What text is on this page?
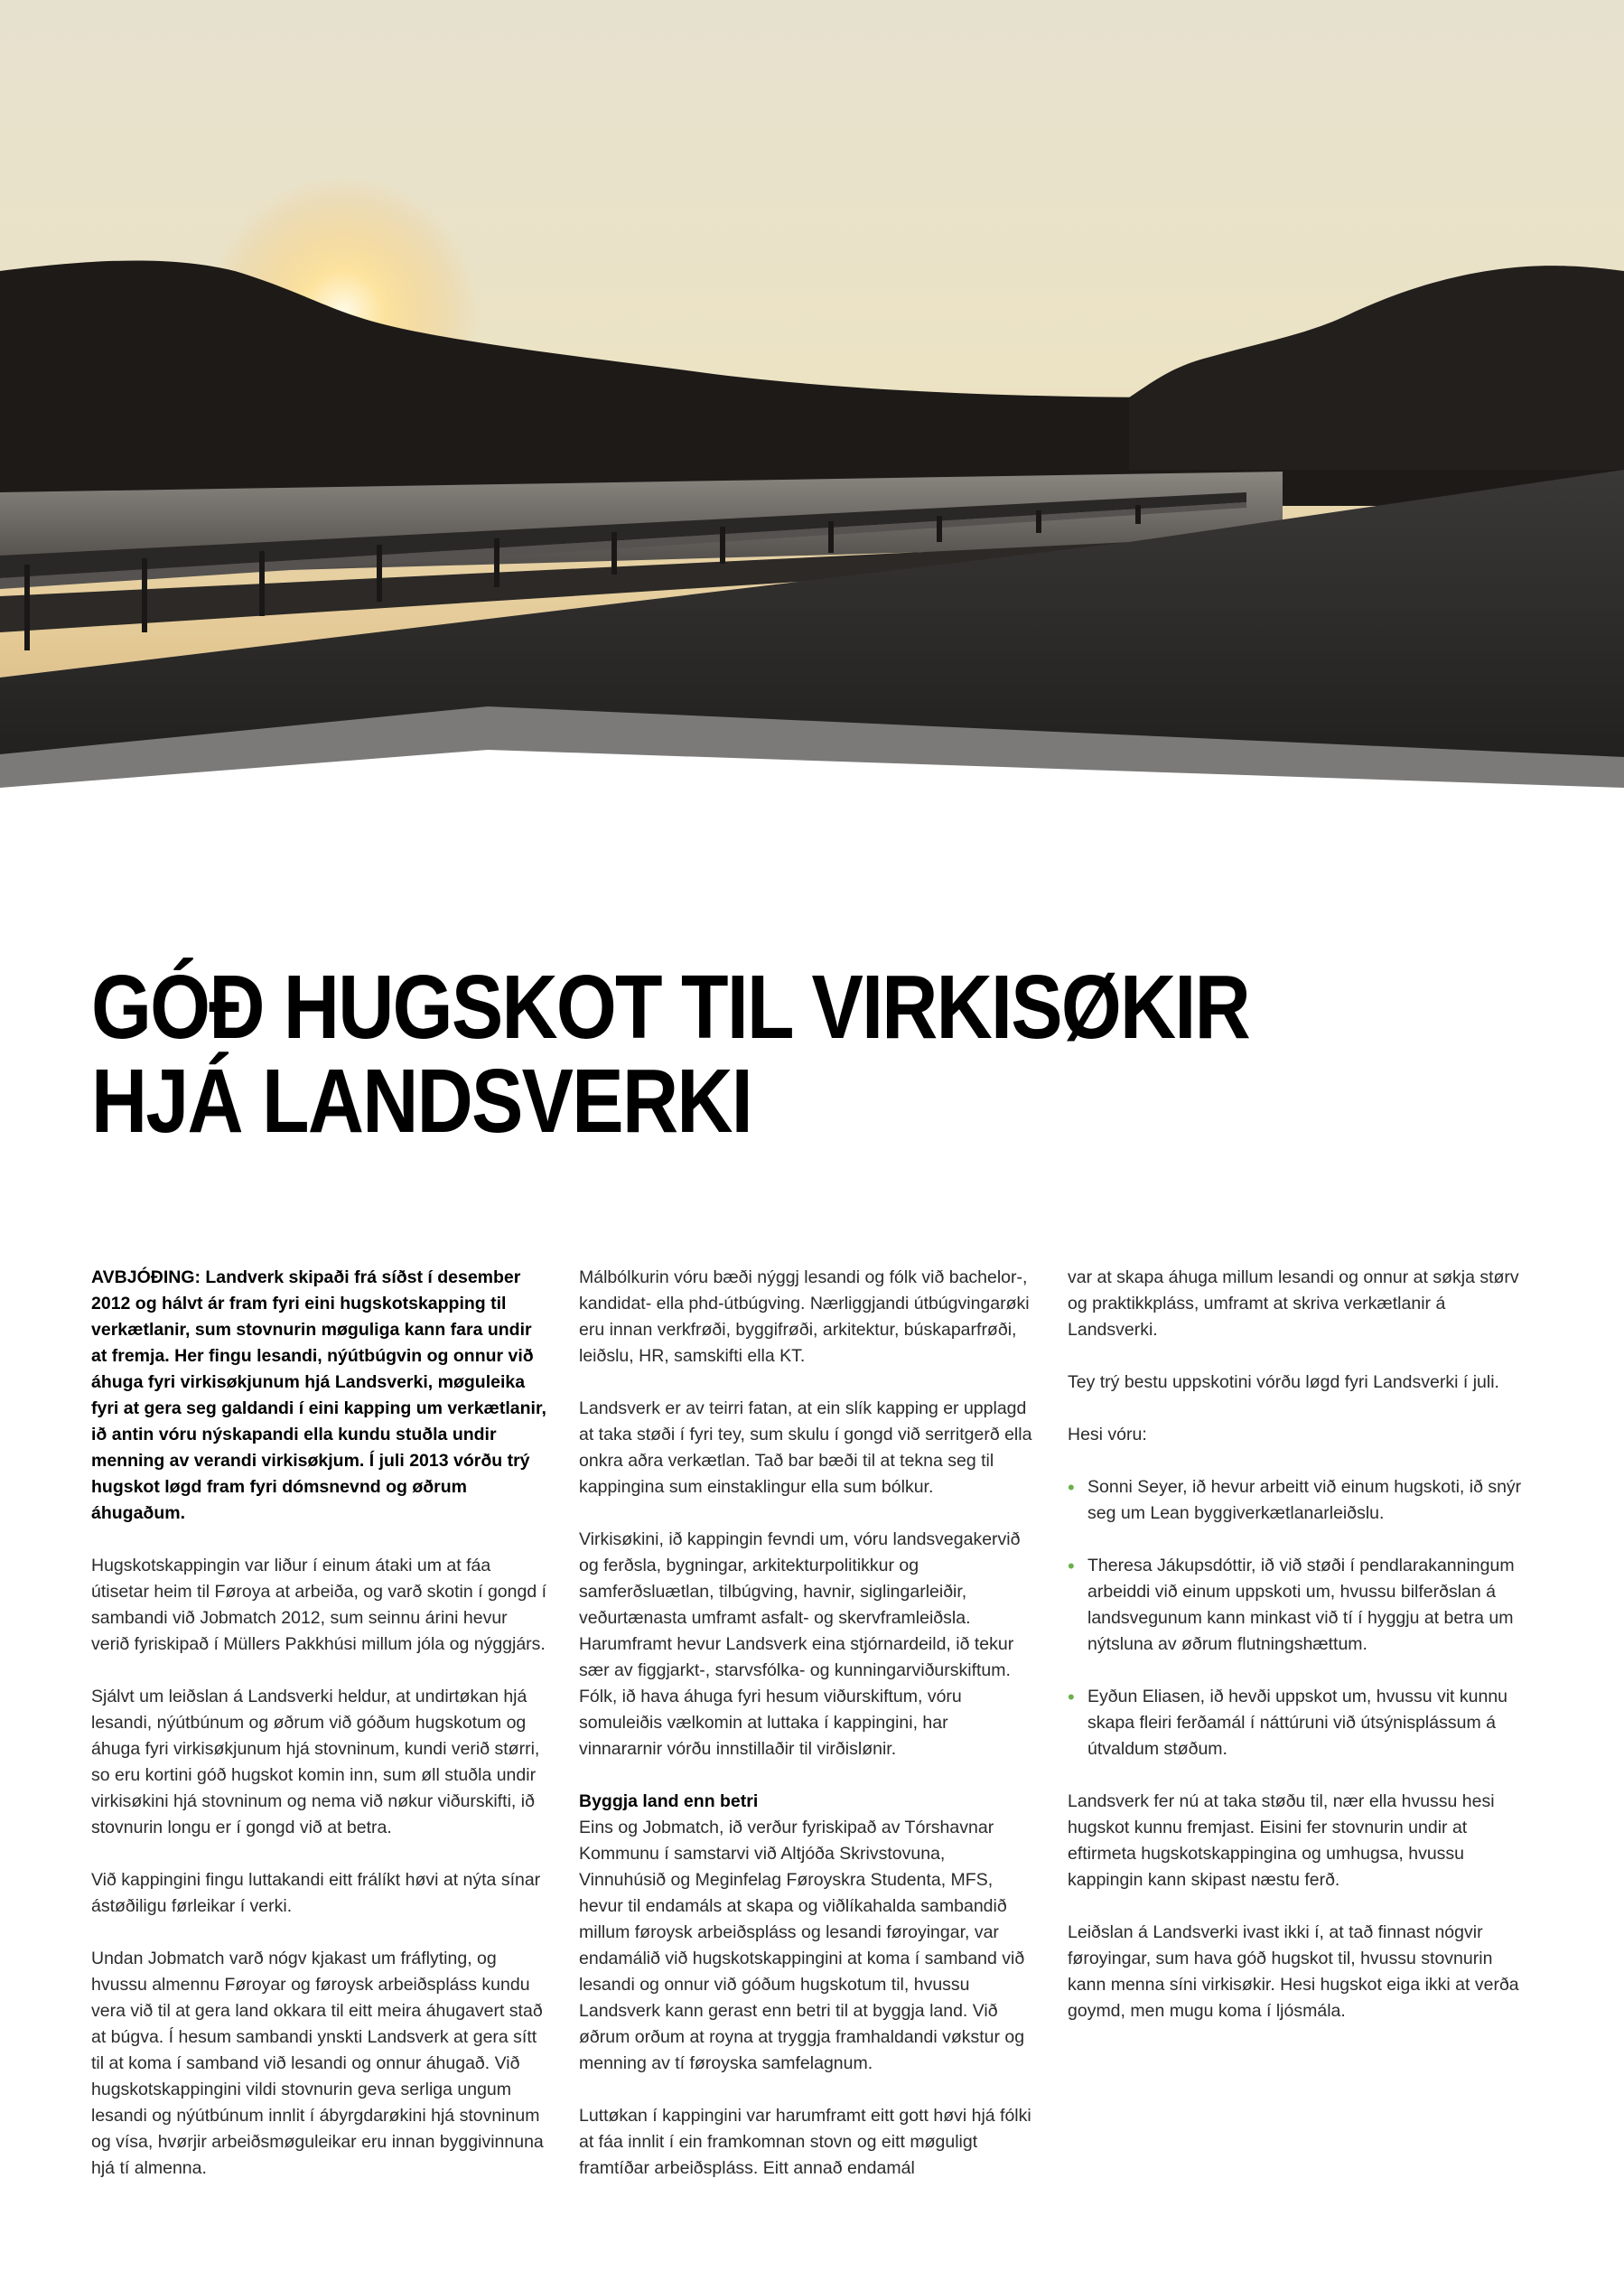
GÓÐ HUGSKOT TIL VIRKISØKIR
HJÁ LANDSVERKI

AVBJÓÐING: Landverk skipaði frá síðst í desember 2012 og hálvt ár fram fyri eini hugskotskapping til verkætlanir, sum stovnurin møguliga kann fara undir at fremja. Her fingu lesandi, nýútbúgvin og onnur við áhuga fyri virkisøkjunum hjá Landsverki, møguleika fyri at gera seg galdandi í eini kapping um verkætlanir, ið antin vóru nýskapandi ella kundu stuðla undir menning av verandi virkisøkjum. Í juli 2013 vórðu trý hugskot løgd fram fyri dómsnevnd og øðrum áhugaðum.

Hugskotskappingin var liður í einum átaki um at fáa útisetar heim til Føroya at arbeiða, og varð skotin í gongd í sambandi við Jobmatch 2012, sum seinnu árini hevur verið fyriskipað í Müllers Pakkhúsi millum jóla og nýggjárs.

Sjálvt um leiðslan á Landsverki heldur, at undirtøkan hjá lesandi, nýútbúnum og øðrum við góðum hugskotum og áhuga fyri virkisøkjunum hjá stovninum, kundi verið størri, so eru kortini góð hugskot komin inn, sum øll stuðla undir virkisøkini hjá stovninum og nema við nøkur viðurskifti, ið stovnurin longu er í gongd við at betra.

Við kappingini fingu luttakandi eitt frálíkt høvi at nýta sínar ástøðiligu førleikar í verki.

Undan Jobmatch varð nógv kjakast um fráflyting, og hvussu almennu Føroyar og føroysk arbeiðspláss kundu vera við til at gera land okkara til eitt meira áhugavert stað at búgva. Í hesum sambandi ynskti Landsverk at gera sítt til at koma í samband við lesandi og onnur áhugað. Við hugskotskappingini vildi stovnurin geva serliga ungum lesandi og nýútbúnum innlit í ábyrgdarøkini hjá stovninum og vísa, hvørjir arbeiðsmøguleikar eru innan byggivinnuna hjá tí almenna.

Málbólkurin vóru bæði nýggj lesandi og fólk við bachelor-, kandidat- ella phd-útbúgving. Nærliggjandi útbúgvingarøki eru innan verkfrøði, byggifrøði, arkitektur, búskaparfrøði, leiðslu, HR, samskifti ella KT.

Landsverk er av teirri fatan, at ein slík kapping er upplagd at taka støði í fyri tey, sum skulu í gongd við serritgerð ella onkra aðra verkætlan. Tað bar bæði til at tekna seg til kappingina sum einstaklingur ella sum bólkur.

Virkisøkini, ið kappingin fevndi um, vóru landsvegakervið og ferðsla, bygningar, arkitekturpolitikkur og samferðsluætlan, tilbúgving, havnir, siglingarleiðir, veðurtænasta umframt asfalt- og skervframleiðsla. Harumframt hevur Landsverk eina stjórnardeild, ið tekur sær av figgjarkt-, starvsfólka- og kunningarviðurskiftum. Fólk, ið hava áhuga fyri hesum viðurskiftum, vóru somuleiðis vælkomin at luttaka í kappingini, har vinnararnir vórðu innstillaðir til virðislønir.

Byggja land enn betri

Eins og Jobmatch, ið verður fyriskipað av Tórshavnar Kommunu í samstarvi við Altjóða Skrivstovuna, Vinnuhúsið og Meginfelag Føroyskra Studenta, MFS, hevur til endamáls at skapa og viðlíkahalda sambandið millum føroysk arbeiðspláss og lesandi føroyingar, var endamálið við hugskotskappingini at koma í samband við lesandi og onnur við góðum hugskotum til, hvussu Landsverk kann gerast enn betri til at byggja land. Við øðrum orðum at royna at tryggja framhaldandi vøkstur og menning av tí føroyska samfelagnum.

Luttøkan í kappingini var harumframt eitt gott høvi hjá fólki at fáa innlit í ein framkomnan stovn og eitt møguligt framtíðar arbeiðspláss. Eitt annað endamál

var at skapa áhuga millum lesandi og onnur at søkja størv og praktikkpláss, umframt at skriva verkætlanir á Landsverki.

Tey trý bestu uppskotini vórðu løgd fyri Landsverki í juli.

Hesi vóru:

• Sonni Seyer, ið hevur arbeitt við einum hugskoti, ið snýr seg um Lean byggiverkætlanarleiðslu.
• Theresa Jákupsdóttir, ið við støði í pendlarakanningum arbeiddi við einum uppskoti um, hvussu bilferðslan á landsvegunum kann minkast við tí í hyggju at betra um nýtsluna av øðrum flutningshættum.
• Eyðun Eliasen, ið hevði uppskot um, hvussu vit kunnu skapa fleiri ferðamál í náttúruni við útsýnisplássum á útvaldum støðum.

Landsverk fer nú at taka støðu til, nær ella hvussu hesi hugskot kunnu fremjast. Eisini fer stovnurin undir at eftirmeta hugskotskappingina og umhugsa, hvussu kappingin kann skipast næstu ferð.

Leiðslan á Landsverki ivast ikki í, at tað finnast nógvir føroyingar, sum hava góð hugskot til, hvussu stovnurin kann menna síni virkisøkir. Hesi hugskot eiga ikki at verða goymd, men mugu koma í ljósmála.
